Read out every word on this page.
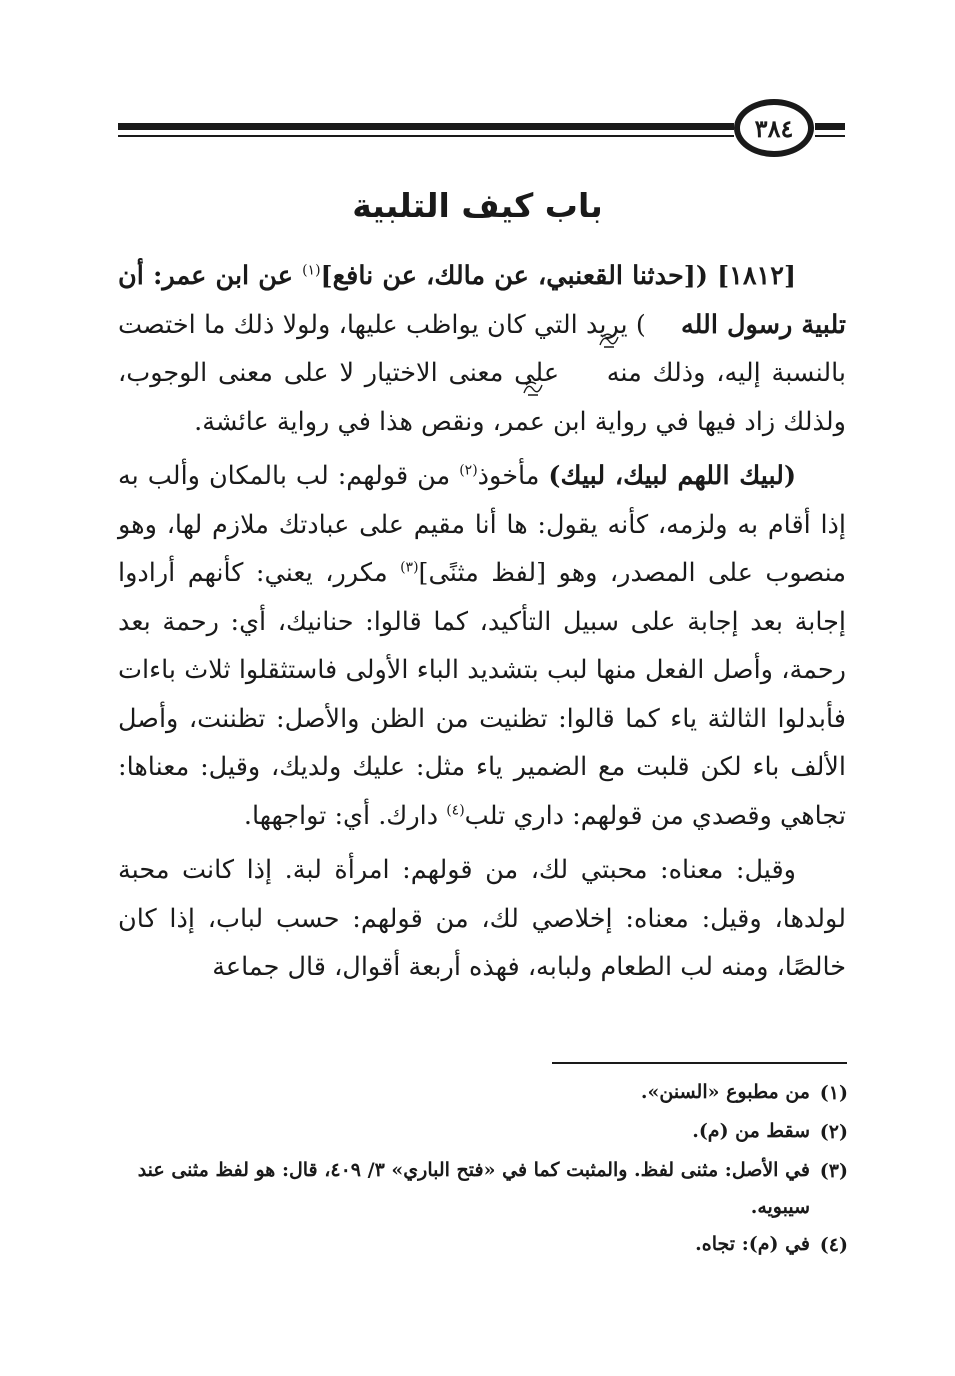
٣٨٤
باب كيف التلبية

[١٨١٢] ([حدثنا القعنبي، عن مالك، عن نافع]$^{(١)}$ عن ابن عمر: أن تلبية رسول الله ) يريد التي كان يواظب عليها، ولولا ذلك ما اختصت بالنسبة إليه، وذلك منه  على معنى الاختيار لا على معنى الوجوب، ولذلك زاد فيها في رواية ابن عمر، ونقص هذا في رواية عائشة.

(لبيك اللهم لبيك، لبيك) مأخوذ$^{(٢)}$ من قولهم: لب بالمكان وألب به إذا أقام به ولزمه، كأنه يقول: ها أنا مقيم على عبادتك ملازم لها، وهو منصوب على المصدر، وهو [لفظ مثنًى]$^{(٣)}$ مكرر، يعني: كأنهم أرادوا إجابة بعد إجابة على سبيل التأكيد، كما قالوا: حنانيك، أي: رحمة بعد رحمة، وأصل الفعل منها لبب بتشديد الباء الأولى فاستثقلوا ثلاث باءات فأبدلوا الثالثة ياء كما قالوا: تظنيت من الظن والأصل: تظننت، وأصل الألف باء لكن قلبت مع الضمير ياء مثل: عليك ولديك، وقيل: معناها: تجاهي وقصدي من قولهم: داري تلب$^{(٤)}$ دارك. أي: تواجهها.

وقيل: معناه: محبتي لك، من قولهم: امرأة لبة. إذا كانت محبة لولدها، وقيل: معناه: إخلاصي لك، من قولهم: حسب لباب، إذا كان خالصًا، ومنه لب الطعام ولبابه، فهذه أربعة أقوال، قال جماعة

(١)
من مطبوع «السنن».
(٢)
سقط من (م).
(٣)
في الأصل: مثنى لفظ. والمثبت كما في «فتح الباري» ٣/ ٤٠٩، قال: هو لفظ مثنى عند سيبويه.
(٤)
في (م): تجاه.
